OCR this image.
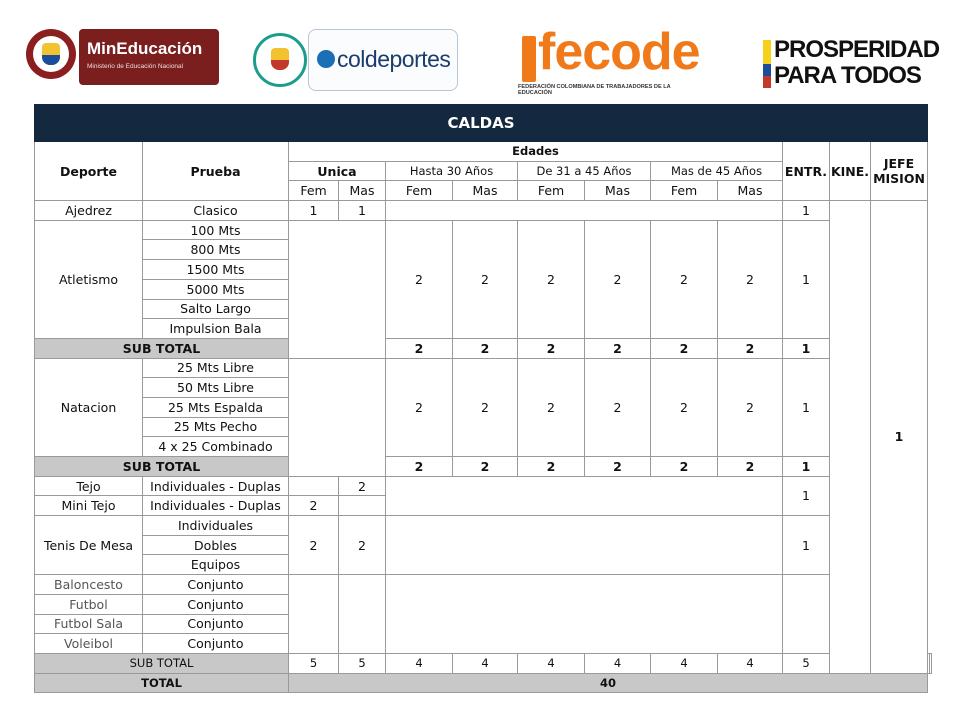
MinEducación
Ministerio de Educación Nacional	coldeportes fecode
FEDERACIÓN COLOMBIANA DE TRABAJADORES DE LA EDUCACIÓN
PROSPERIDAD
PARA TODOS
CALDAS														
Deporte	Prueba	Edades								ENTR.	KINE.	JEFE
MISION		
		Unica		Hasta 30 Años		De 31 a 45 Años		Mas de 45 Años						
		Fem	Mas	Fem	Mas	Fem	Mas	Fem	Mas					
Ajedrez	Clasico	1	1							1		1		
Atletismo	100 Mts			2	2	2	2	2	2	1				
	800 Mts													
	1500 Mts													
	5000 Mts													
	Salto Largo													
	Impulsion Bala													
SUB TOTAL				2	2	2	2	2	2	1				
Natacion	25 Mts Libre			2	2	2	2	2	2	1				
	50 Mts Libre													
	25 Mts Espalda													
	25 Mts Pecho													
	4 x 25 Combinado													
SUB TOTAL				2	2	2	2	2	2	1				
Tejo	Individuales - Duplas		2							1				
Mini Tejo	Individuales - Duplas	2												
Tenis De Mesa	Individuales	2	2							1				
	Dobles													
	Equipos													
Baloncesto	Conjunto													
Futbol	Conjunto													
Futbol Sala	Conjunto													
Voleibol	Conjunto													
SUB TOTAL		5	5	4	4	4	4	4	4	5		
TOTAL		40												
